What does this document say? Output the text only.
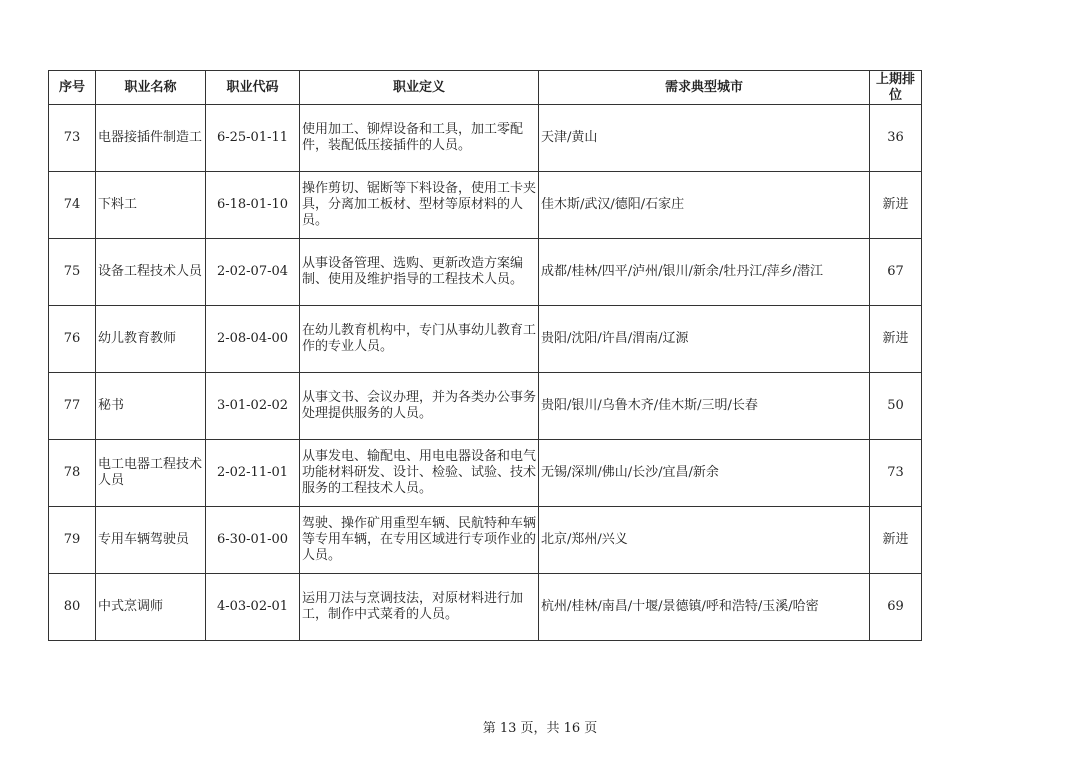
序号	职业名称	职业代码	职业定义	需求典型城市	上期排位
73	电器接插件制造工	6-25-01-11	使用加工、铆焊设备和工具，加工零配件，装配低压接插件的人员。	天津/黄山	36
74	下料工	6-18-01-10	操作剪切、锯断等下料设备，使用工卡夹具，分离加工板材、型材等原材料的人员。	佳木斯/武汉/德阳/石家庄	新进
75	设备工程技术人员	2-02-07-04	从事设备管理、选购、更新改造方案编制、使用及维护指导的工程技术人员。	成都/桂林/四平/泸州/银川/新余/牡丹江/萍乡/潜江	67
76	幼儿教育教师	2-08-04-00	在幼儿教育机构中，专门从事幼儿教育工作的专业人员。	贵阳/沈阳/许昌/渭南/辽源	新进
77	秘书	3-01-02-02	从事文书、会议办理，并为各类办公事务处理提供服务的人员。	贵阳/银川/乌鲁木齐/佳木斯/三明/长春	50
78	电工电器工程技术人员	2-02-11-01	从事发电、输配电、用电电器设备和电气功能材料研发、设计、检验、试验、技术服务的工程技术人员。	无锡/深圳/佛山/长沙/宜昌/新余	73
79	专用车辆驾驶员	6-30-01-00	驾驶、操作矿用重型车辆、民航特种车辆等专用车辆，在专用区域进行专项作业的人员。	北京/郑州/兴义	新进
80	中式烹调师	4-03-02-01	运用刀法与烹调技法，对原材料进行加工，制作中式菜肴的人员。	杭州/桂林/南昌/十堰/景德镇/呼和浩特/玉溪/哈密	69
第 13 页，共 16 页
